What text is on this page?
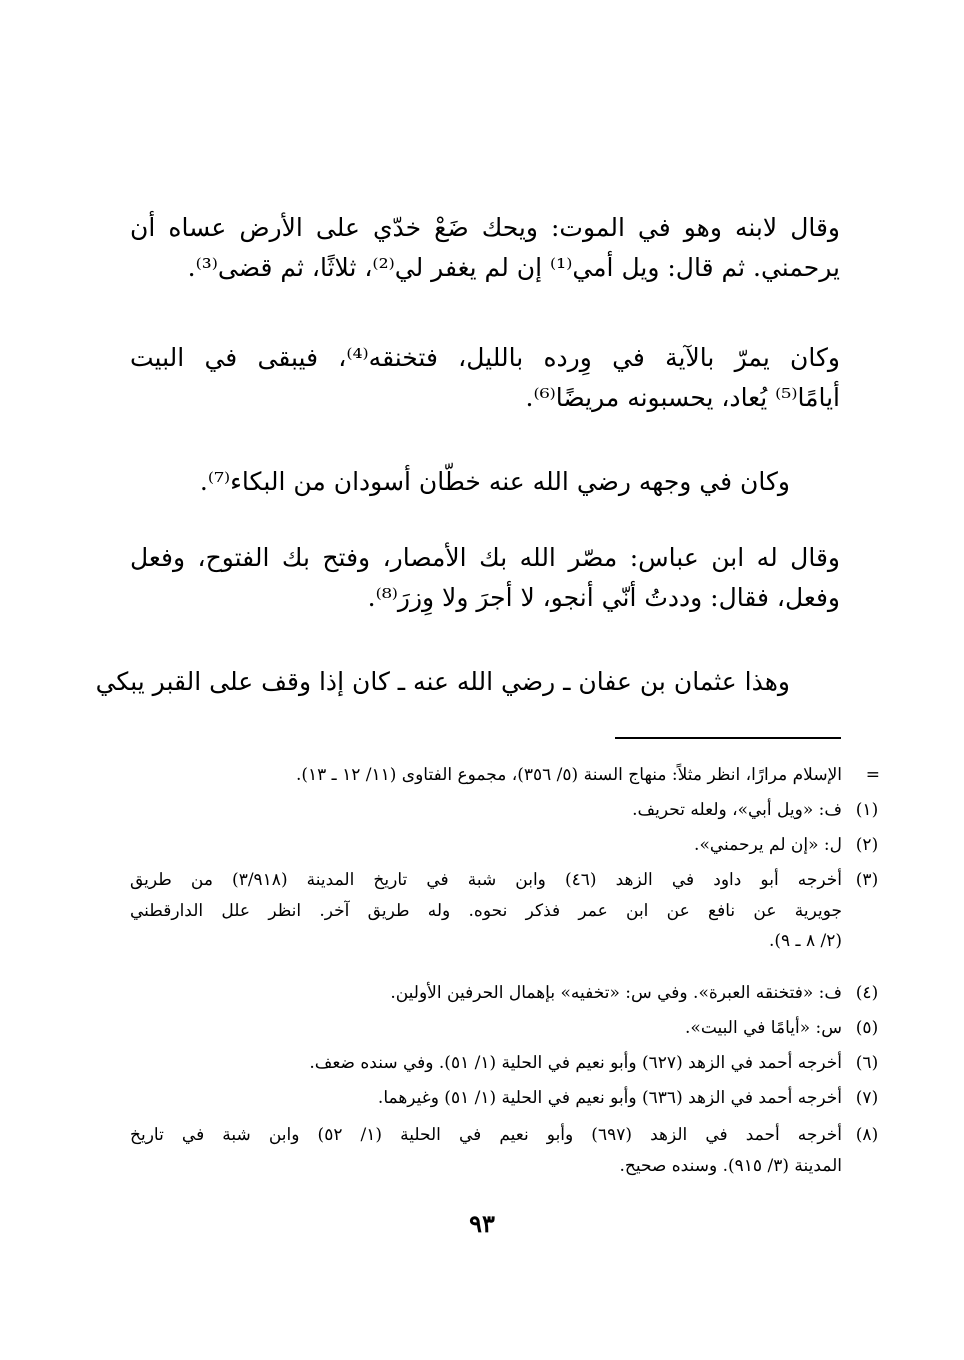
وقال لابنه وهو في الموت: ويحك ضَعْ خدّي على الأرض عساه أن
يرحمني. ثم قال: ويل أمي⁽¹⁾ إن لم يغفر لي⁽²⁾، ثلاثًا، ثم قضى⁽³⁾.
وكان يمرّ بالآية في وِرده بالليل، فتخنقه⁽⁴⁾، فيبقى في البيت
أيامًا⁽⁵⁾ يُعاد، يحسبونه مريضًا⁽⁶⁾.
وكان في وجهه رضي الله عنه خطّان أسودان من البكاء⁽⁷⁾.
وقال له ابن عباس: مصّر الله بك الأمصار، وفتح بك الفتوح، وفعل
وفعل، فقال: وددتُ أنّي أنجو، لا أجرَ ولا وِزرَ⁽⁸⁾.
وهذا عثمان بن عفان ـ رضي الله عنه ـ كان إذا وقف على القبر يبكي
=
الإسلام مرارًا، انظر مثلاً: منهاج السنة (٥/ ٣٥٦)، مجموع الفتاوى (١١/ ١٢ ـ ١٣).
(١)
ف: «ويل أبي»، ولعله تحريف.
(٢)
ل: «إن لم يرحمني».
(٣)
أخرجه أبو داود في الزهد (٤٦) وابن شبة في تاريخ المدينة (٣/٩١٨) من طريق
جويرية عن نافع عن ابن عمر فذكر نحوه. وله طريق آخر. انظر علل الدارقطني
(٢/ ٨ ـ ٩).
(٤)
ف: «فتخنقه العبرة». وفي س: «تخفيه» بإهمال الحرفين الأولين.
(٥)
س: «أيامًا في البيت».
(٦)
أخرجه أحمد في الزهد (٦٢٧) وأبو نعيم في الحلية (١/ ٥١). وفي سنده ضعف.
(٧)
أخرجه أحمد في الزهد (٦٣٦) وأبو نعيم في الحلية (١/ ٥١) وغيرهما.
(٨)
أخرجه أحمد في الزهد (٦٩٧) وأبو نعيم في الحلية (١/ ٥٢) وابن شبة في تاريخ
المدينة (٣/ ٩١٥). وسنده صحيح.
٩٣
